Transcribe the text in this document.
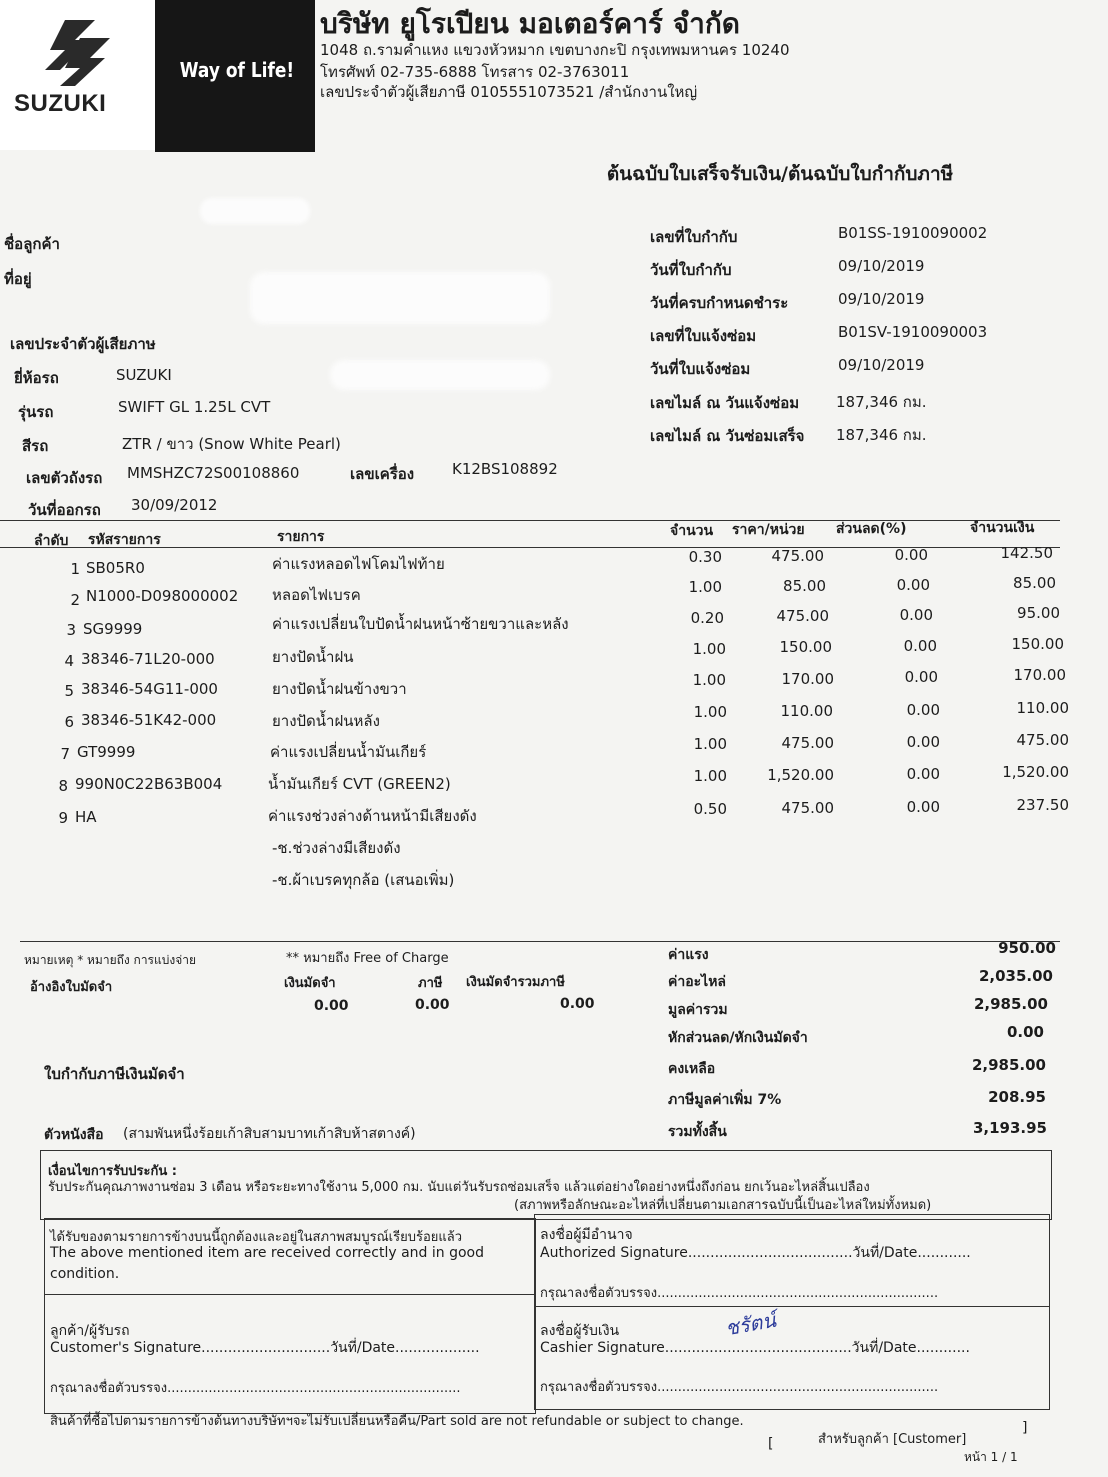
SUZUKI
Way of Life!
บริษัท ยูโรเปียน มอเตอร์คาร์ จำกัด
1048 ถ.รามคำแหง แขวงหัวหมาก เขตบางกะปิ กรุงเทพมหานคร 10240
โทรศัพท์ 02-735-6888 โทรสาร 02-3763011
เลขประจำตัวผู้เสียภาษี 0105551073521 /สำนักงานใหญ่
ต้นฉบับใบเสร็จรับเงิน/ต้นฉบับใบกำกับภาษี
ชื่อลูกค้า
ที่อยู่
เลขประจำตัวผู้เสียภาษ
ยี่ห้อรถ	SUZUKI
รุ่นรถ	SWIFT GL 1.25L CVT
สีรถ	ZTR / ขาว (Snow White Pearl)
เลขตัวถังรถ MMSHZC72S00108860	เลขเครื่อง	K12BS108892
วันที่ออกรถ 30/09/2012
เลขที่ใบกำกับ	B01SS-1910090002
วันที่ใบกำกับ	09/10/2019
วันที่ครบกำหนดชำระ	09/10/2019
เลขที่ใบแจ้งซ่อม	B01SV-1910090003
วันที่ใบแจ้งซ่อม	09/10/2019
เลขไมล์ ณ วันแจ้งซ่อม 187,346 กม.
เลขไมล์ ณ วันซ่อมเสร็จ 187,346 กม.
ลำดับ รหัสรายการ	รายการ	จำนวน ราคา/หน่วย ส่วนลด(%)	จำนวนเงิน
1 SB05R0	ค่าแรงหลอดไฟโคมไฟท้าย	0.30	475.00	0.00	142.50
2 N1000-D098000002 หลอดไฟเบรค	1.00	85.00	0.00	85.00
3 SG9999	ค่าแรงเปลี่ยนใบปัดน้ำฝนหน้าซ้ายขวาและหลัง	0.20	475.00	0.00	95.00
4 38346-71L20-000	ยางปัดน้ำฝน	1.00	150.00	0.00	150.00
5 38346-54G11-000	ยางปัดน้ำฝนข้างขวา	1.00	170.00	0.00	170.00
6 38346-51K42-000	ยางปัดน้ำฝนหลัง	1.00	110.00	0.00	110.00
7 GT9999	ค่าแรงเปลี่ยนน้ำมันเกียร์	1.00	475.00	0.00	475.00
8 990N0C22B63B004	น้ำมันเกียร์ CVT (GREEN2)	1.00	1,520.00	0.00	1,520.00
9 HA	ค่าแรงช่วงล่างด้านหน้ามีเสียงดัง	0.50	475.00	0.00	237.50
-ช.ช่วงล่างมีเสียงดัง
-ช.ผ้าเบรคทุกล้อ (เสนอเพิ่ม)
หมายเหตุ * หมายถึง การแบ่งจ่าย	** หมายถึง Free of Charge
อ้างอิงใบมัดจำ	เงินมัดจำ	ภาษี เงินมัดจำรวมภาษี
0.00	0.00	0.00
ใบกำกับภาษีเงินมัดจำ
ตัวหนังสือ (สามพันหนึ่งร้อยเก้าสิบสามบาทเก้าสิบห้าสตางค์)
ค่าแรง	950.00
ค่าอะไหล่	2,035.00
มูลค่ารวม	2,985.00
หักส่วนลด/หักเงินมัดจำ	0.00
คงเหลือ	2,985.00
ภาษีมูลค่าเพิ่ม 7%	208.95
รวมทั้งสิ้น	3,193.95
เงื่อนไขการรับประกัน :
รับประกันคุณภาพงานซ่อม 3 เดือน หรือระยะทางใช้งาน 5,000 กม. นับแต่วันรับรถซ่อมเสร็จ แล้วแต่อย่างใดอย่างหนึ่งถึงก่อน ยกเว้นอะไหล่สิ้นเปลือง
(สภาพหรือลักษณะอะไหล่ที่เปลี่ยนตามเอกสารฉบับนี้เป็นอะไหล่ใหม่ทั้งหมด)
ได้รับของตามรายการข้างบนนี้ถูกต้องและอยู่ในสภาพสมบูรณ์เรียบร้อยแล้ว
The above mentioned item are received correctly and in good
condition.
ลูกค้า/ผู้รับรถ
Customer's Signature.............................วันที่/Date...................
กรุณาลงชื่อตัวบรรจง.......................................................................
ลงชื่อผู้มีอำนาจ
Authorized Signature.....................................วันที่/Date............
กรุณาลงชื่อตัวบรรจง....................................................................
ลงชื่อผู้รับเงิน
Cashier Signature..........................................วันที่/Date............
กรุณาลงชื่อตัวบรรจง....................................................................
ชรัตน์
สินค้าที่ซื้อไปตามรายการข้างต้นทางบริษัทฯจะไม่รับเปลี่ยนหรือคืน/Part sold are not refundable or subject to change.
[	สำหรับลูกค้า [Customer]
]
หน้า 1 / 1
